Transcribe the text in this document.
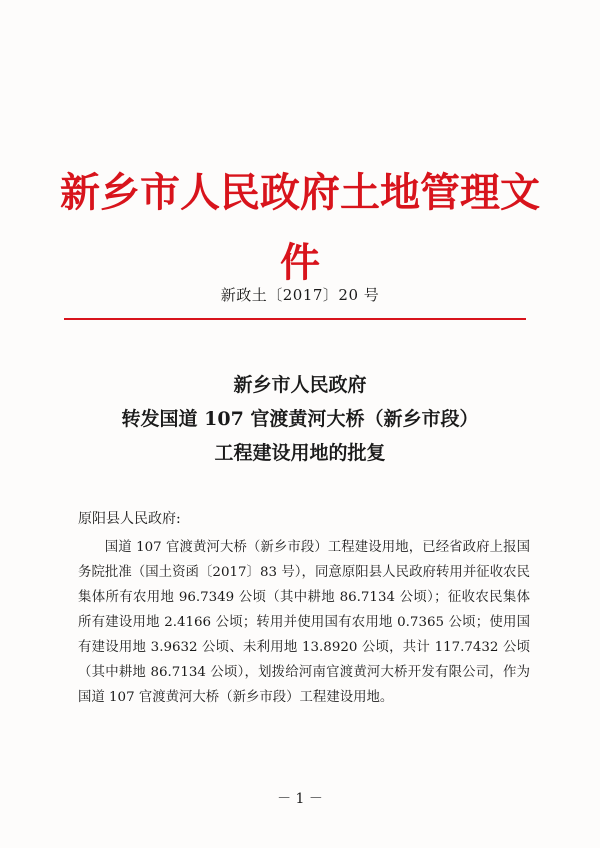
新乡市人民政府土地管理文件
新政土〔2017〕20 号
新乡市人民政府
转发国道 107 官渡黄河大桥（新乡市段）
工程建设用地的批复
原阳县人民政府:
国道 107 官渡黄河大桥（新乡市段）工程建设用地，已经省政府上报国务院批准（国土资函〔2017〕83 号），同意原阳县人民政府转用并征收农民集体所有农用地 96.7349 公顷（其中耕地 86.7134 公顷）；征收农民集体所有建设用地 2.4166 公顷；转用并使用国有农用地 0.7365 公顷；使用国有建设用地 3.9632 公顷、未利用地 13.8920 公顷，共计 117.7432 公顷（其中耕地 86.7134 公顷），划拨给河南官渡黄河大桥开发有限公司，作为国道 107 官渡黄河大桥（新乡市段）工程建设用地。
－ 1 －
